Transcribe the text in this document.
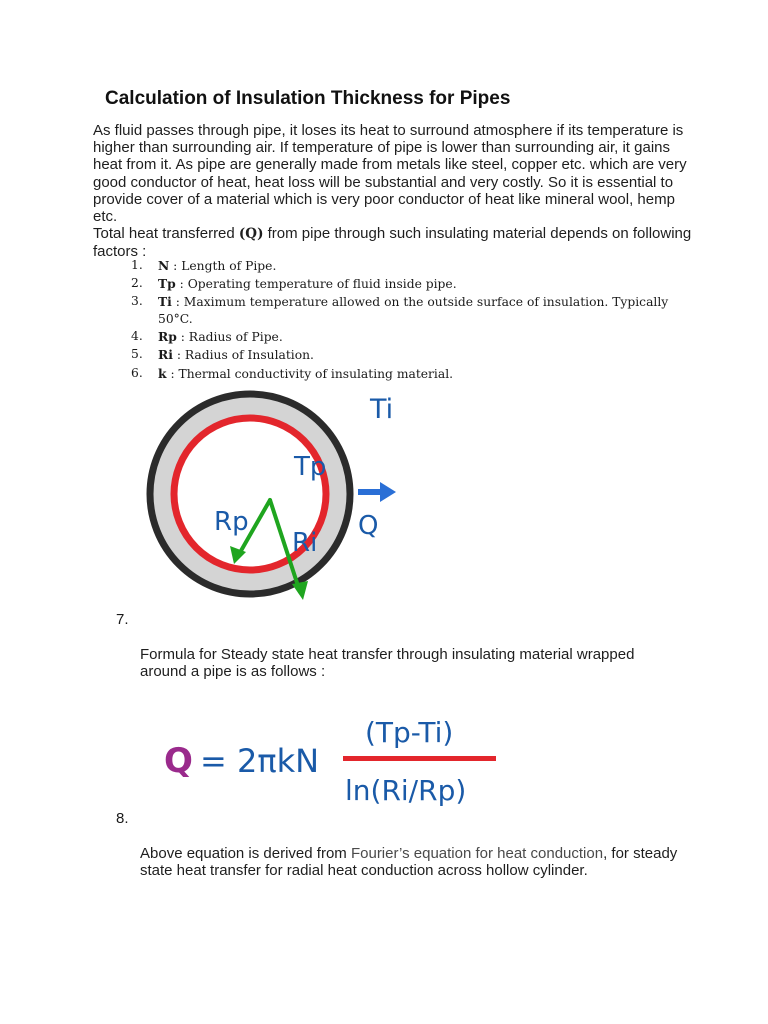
Calculation of Insulation Thickness for Pipes
As fluid passes through pipe, it loses its heat to surround atmosphere if its temperature is higher than surrounding air. If temperature of pipe is lower than surrounding air, it gains heat from it. As pipe are generally made from metals like steel, copper etc. which are very good conductor of heat, heat loss will be substantial and very costly. So it is essential to provide cover of a material which is very poor conductor of heat like mineral wool, hemp etc.
Total heat transferred (Q) from pipe through such insulating material depends on following factors :
1. N : Length of Pipe.
2. Tp : Operating temperature of fluid inside pipe.
3. Ti : Maximum temperature allowed on the outside surface of insulation. Typically 50°C.
4. Rp : Radius of Pipe.
5. Ri : Radius of Insulation.
6. k : Thermal conductivity of insulating material.
Ti
Tp
Q
Rp
Ri
7.
Formula for Steady state heat transfer through insulating material wrapped around a pipe is as follows :
Q = 2πkN
(Tp-Ti)
ln(Ri/Rp)
8.
Above equation is derived from Fourier’s equation for heat conduction, for steady state heat transfer for radial heat conduction across hollow cylinder.
